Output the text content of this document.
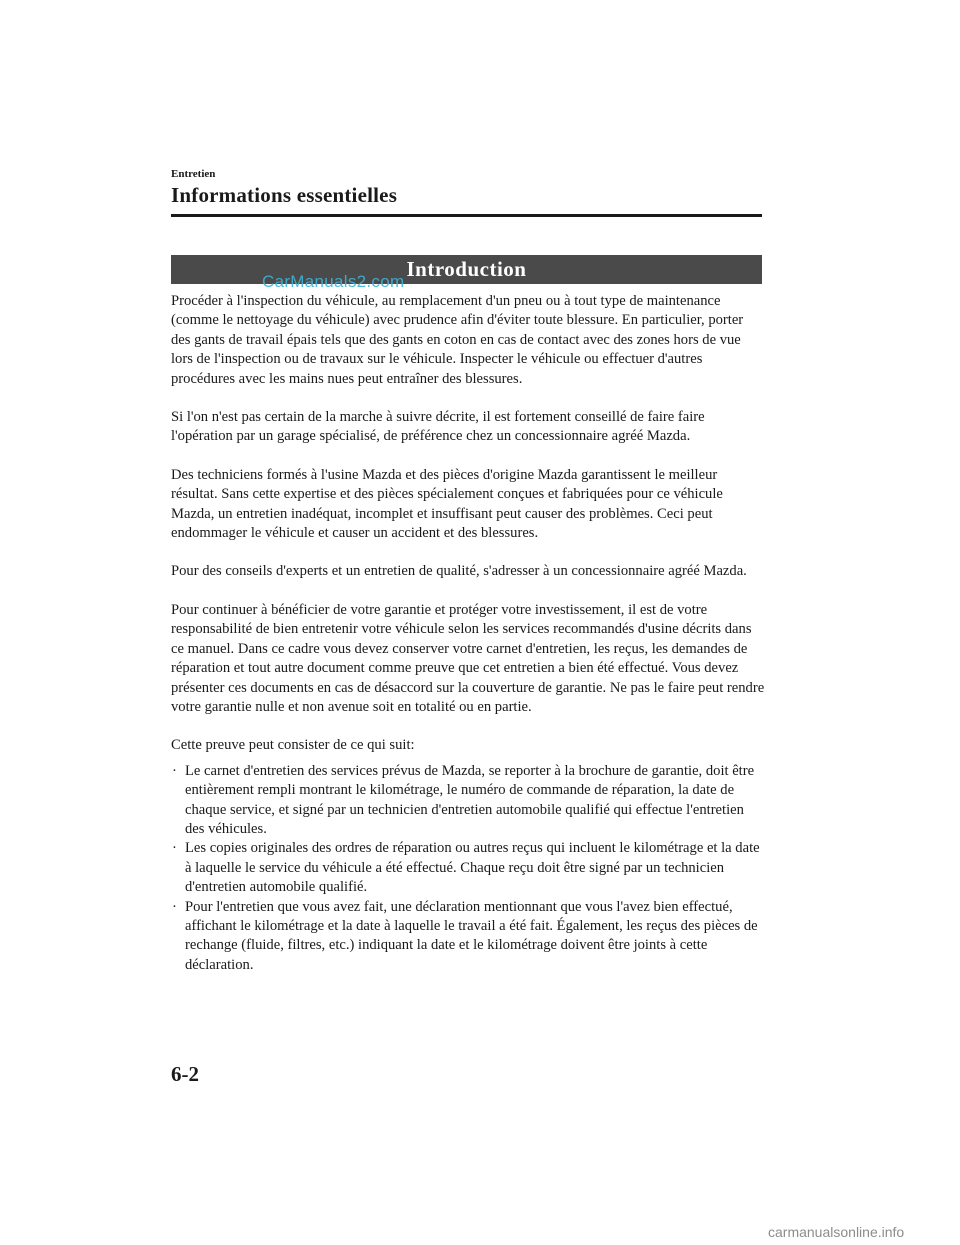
Entretien
Informations essentielles
Introduction
CarManuals2.com

Procéder à l'inspection du véhicule, au remplacement d'un pneu ou à tout type de maintenance (comme le nettoyage du véhicule) avec prudence afin d'éviter toute blessure. En particulier, porter des gants de travail épais tels que des gants en coton en cas de contact avec des zones hors de vue lors de l'inspection ou de travaux sur le véhicule. Inspecter le véhicule ou effectuer d'autres procédures avec les mains nues peut entraîner des blessures.

Si l'on n'est pas certain de la marche à suivre décrite, il est fortement conseillé de faire faire l'opération par un garage spécialisé, de préférence chez un concessionnaire agréé Mazda.

Des techniciens formés à l'usine Mazda et des pièces d'origine Mazda garantissent le meilleur résultat. Sans cette expertise et des pièces spécialement conçues et fabriquées pour ce véhicule Mazda, un entretien inadéquat, incomplet et insuffisant peut causer des problèmes. Ceci peut endommager le véhicule et causer un accident et des blessures.

Pour des conseils d'experts et un entretien de qualité, s'adresser à un concessionnaire agréé Mazda.

Pour continuer à bénéficier de votre garantie et protéger votre investissement, il est de votre responsabilité de bien entretenir votre véhicule selon les services recommandés d'usine décrits dans ce manuel. Dans ce cadre vous devez conserver votre carnet d'entretien, les reçus, les demandes de réparation et tout autre document comme preuve que cet entretien a bien été effectué. Vous devez présenter ces documents en cas de désaccord sur la couverture de garantie. Ne pas le faire peut rendre votre garantie nulle et non avenue soit en totalité ou en partie.

Cette preuve peut consister de ce qui suit:

· Le carnet d'entretien des services prévus de Mazda, se reporter à la brochure de garantie, doit être entièrement rempli montrant le kilométrage, le numéro de commande de réparation, la date de chaque service, et signé par un technicien d'entretien automobile qualifié qui effectue l'entretien des véhicules.
· Les copies originales des ordres de réparation ou autres reçus qui incluent le kilométrage et la date à laquelle le service du véhicule a été effectué. Chaque reçu doit être signé par un technicien d'entretien automobile qualifié.
· Pour l'entretien que vous avez fait, une déclaration mentionnant que vous l'avez bien effectué, affichant le kilométrage et la date à laquelle le travail a été fait. Également, les reçus des pièces de rechange (fluide, filtres, etc.) indiquant la date et le kilométrage doivent être joints à cette déclaration.
6-2
carmanualsonline.info
